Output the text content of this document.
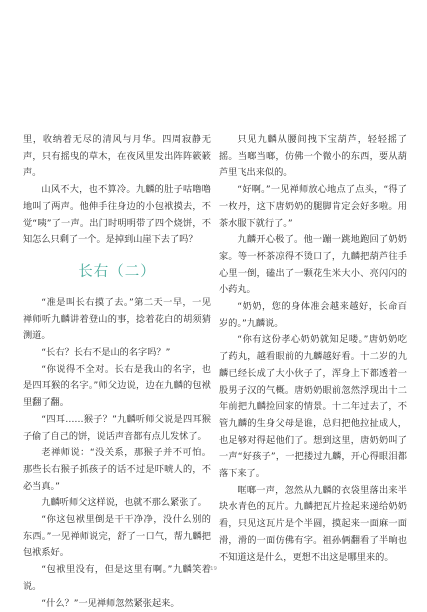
里，收纳着无尽的清风与月华。四周寂静无声，只有摇曳的草木，在夜风里发出阵阵簌簌声。

山风不大，也不算冷。九麟的肚子咕噜噜地叫了两声。他伸手往身边的小包袱摸去，不觉“咦”了一声。出门时明明带了四个烧饼，不知怎么只剩了一个。是掉到山崖下去了吗？

长右（二）

“准是叫长右摸了去。”第二天一早，一见禅师听九麟讲着登山的事，捻着花白的胡须猜测道。

“长右？长右不是山的名字吗？”

“你说得不全对。长右是我山的名字，也是四耳猴的名字。”师父边说，边在九麟的包袱里翻了翻。

“四耳……猴子？”九麟听师父说是四耳猴子偷了自己的饼，说话声音都有点儿发怵了。

老禅师说：“没关系，那猴子并不可怕。那些长右猴子抓孩子的话不过是吓唬人的，不必当真。”

九麟听师父这样说，也就不那么紧张了。

“你这包袱里倒是干干净净，没什么别的东西。”一见禅师说完，舒了一口气，帮九麟把包袱系好。

“包袱里没有，但是这里有啊。”九麟笑着说。

“什么？”一见禅师忽然紧张起来。

只见九麟从腰间拽下宝葫芦，轻轻摇了摇。当啷当啷，仿佛一个微小的东西，要从葫芦里飞出来似的。

“好啊。”一见禅师放心地点了点头，“得了一枚丹，这下唐奶奶的腿脚肯定会好多啦。用茶水服下就行了。”

九麟开心极了。他一蹦一跳地跑回了奶奶家。等一杯茶凉得不烫口了，九麟把葫芦往手心里一倒，磕出了一颗花生米大小、亮闪闪的小药丸。

“奶奶，您的身体准会越来越好，长命百岁的。”九麟说。

“你有这份孝心奶奶就知足喽。”唐奶奶吃了药丸，越看眼前的九麟越好看。十二岁的九麟已经长成了大小伙子了，浑身上下都透着一股男子汉的气概。唐奶奶眼前忽然浮现出十二年前把九麟捡回家的情景。十二年过去了，不管九麟的生身父母是谁，总归把他拉扯成人，也足够对得起他们了。想到这里，唐奶奶叫了一声“好孩子”，一把搂过九麟，开心得眼泪都落下来了。

哐啷一声，忽然从九麟的衣袋里落出来半块水青色的瓦片。九麟把瓦片捡起来递给奶奶看，只见这瓦片是个半圆，摸起来一面麻一面滑，滑的一面仿佛有字。祖孙俩翻看了半晌也不知道这是什么，更想不出这是哪里来的。

19
